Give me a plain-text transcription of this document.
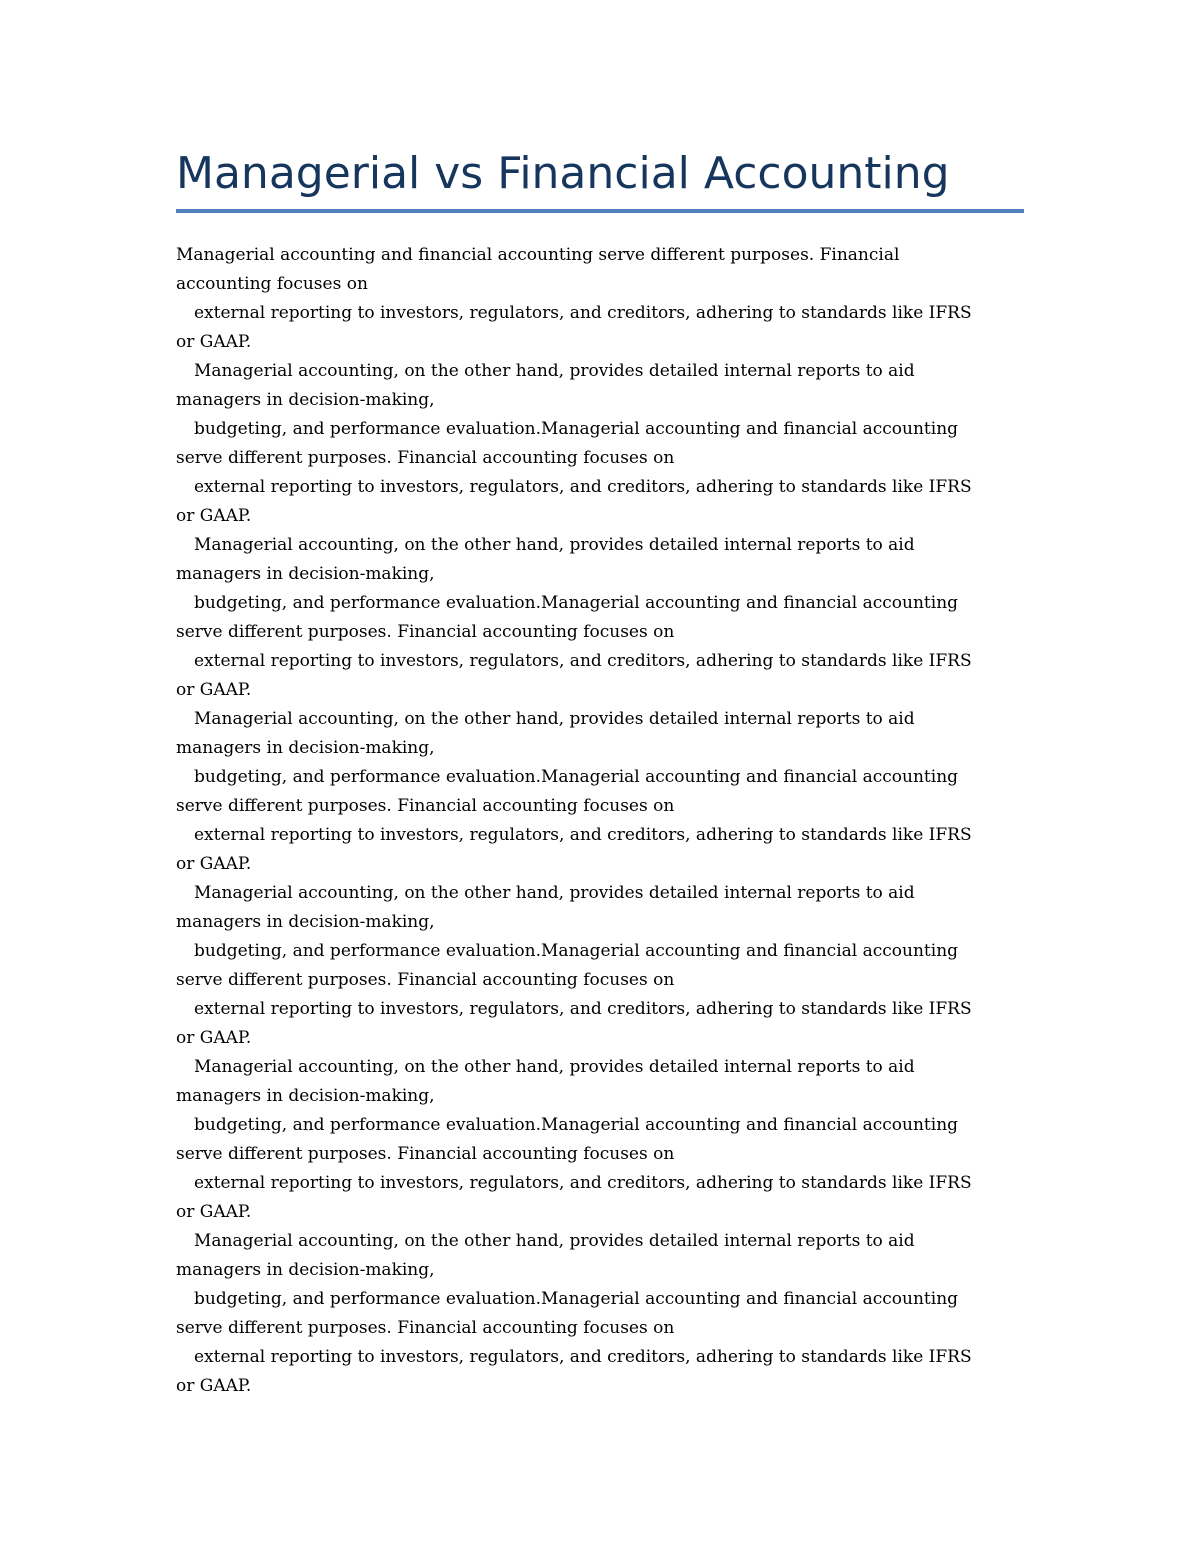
Managerial vs Financial Accounting
Managerial accounting and financial accounting serve different purposes. Financial
accounting focuses on
external reporting to investors, regulators, and creditors, adhering to standards like IFRS
or GAAP.
Managerial accounting, on the other hand, provides detailed internal reports to aid
managers in decision-making,
budgeting, and performance evaluation.Managerial accounting and financial accounting
serve different purposes. Financial accounting focuses on
external reporting to investors, regulators, and creditors, adhering to standards like IFRS
or GAAP.
Managerial accounting, on the other hand, provides detailed internal reports to aid
managers in decision-making,
budgeting, and performance evaluation.Managerial accounting and financial accounting
serve different purposes. Financial accounting focuses on
external reporting to investors, regulators, and creditors, adhering to standards like IFRS
or GAAP.
Managerial accounting, on the other hand, provides detailed internal reports to aid
managers in decision-making,
budgeting, and performance evaluation.Managerial accounting and financial accounting
serve different purposes. Financial accounting focuses on
external reporting to investors, regulators, and creditors, adhering to standards like IFRS
or GAAP.
Managerial accounting, on the other hand, provides detailed internal reports to aid
managers in decision-making,
budgeting, and performance evaluation.Managerial accounting and financial accounting
serve different purposes. Financial accounting focuses on
external reporting to investors, regulators, and creditors, adhering to standards like IFRS
or GAAP.
Managerial accounting, on the other hand, provides detailed internal reports to aid
managers in decision-making,
budgeting, and performance evaluation.Managerial accounting and financial accounting
serve different purposes. Financial accounting focuses on
external reporting to investors, regulators, and creditors, adhering to standards like IFRS
or GAAP.
Managerial accounting, on the other hand, provides detailed internal reports to aid
managers in decision-making,
budgeting, and performance evaluation.Managerial accounting and financial accounting
serve different purposes. Financial accounting focuses on
external reporting to investors, regulators, and creditors, adhering to standards like IFRS
or GAAP.
